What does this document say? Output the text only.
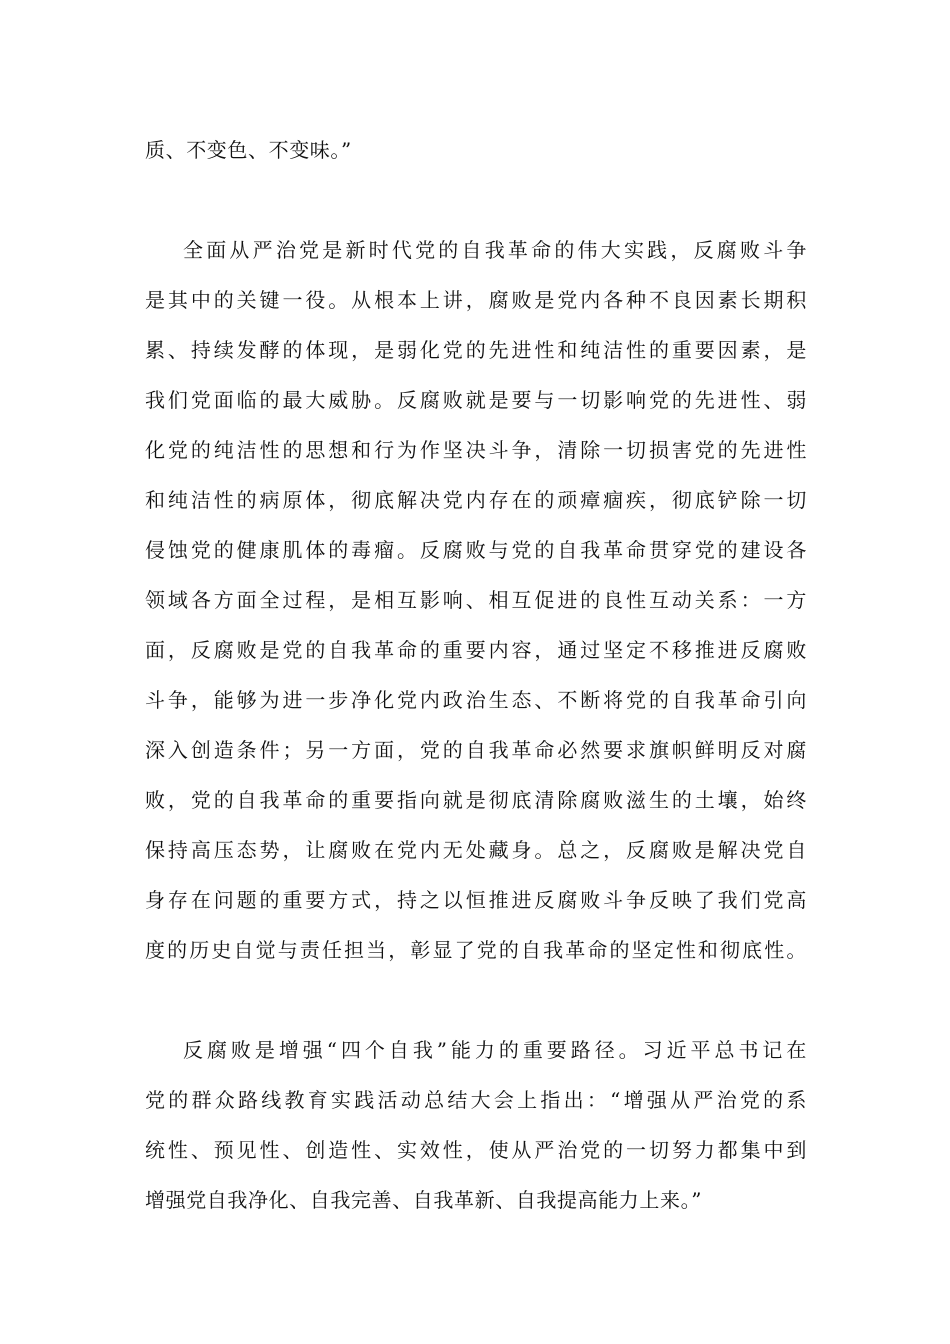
质、不变色、不变味。”
全面从严治党是新时代党的自我革命的伟大实践，反腐败斗争
是其中的关键一役。从根本上讲，腐败是党内各种不良因素长期积
累、持续发酵的体现，是弱化党的先进性和纯洁性的重要因素，是
我们党面临的最大威胁。反腐败就是要与一切影响党的先进性、弱
化党的纯洁性的思想和行为作坚决斗争，清除一切损害党的先进性
和纯洁性的病原体，彻底解决党内存在的顽瘴痼疾，彻底铲除一切
侵蚀党的健康肌体的毒瘤。反腐败与党的自我革命贯穿党的建设各
领域各方面全过程，是相互影响、相互促进的良性互动关系：一方
面，反腐败是党的自我革命的重要内容，通过坚定不移推进反腐败
斗争，能够为进一步净化党内政治生态、不断将党的自我革命引向
深入创造条件；另一方面，党的自我革命必然要求旗帜鲜明反对腐
败，党的自我革命的重要指向就是彻底清除腐败滋生的土壤，始终
保持高压态势，让腐败在党内无处藏身。总之，反腐败是解决党自
身存在问题的重要方式，持之以恒推进反腐败斗争反映了我们党高
度的历史自觉与责任担当，彰显了党的自我革命的坚定性和彻底性。
反腐败是增强“四个自我”能力的重要路径。习近平总书记在
党的群众路线教育实践活动总结大会上指出：“增强从严治党的系
统性、预见性、创造性、实效性，使从严治党的一切努力都集中到
增强党自我净化、自我完善、自我革新、自我提高能力上来。”
